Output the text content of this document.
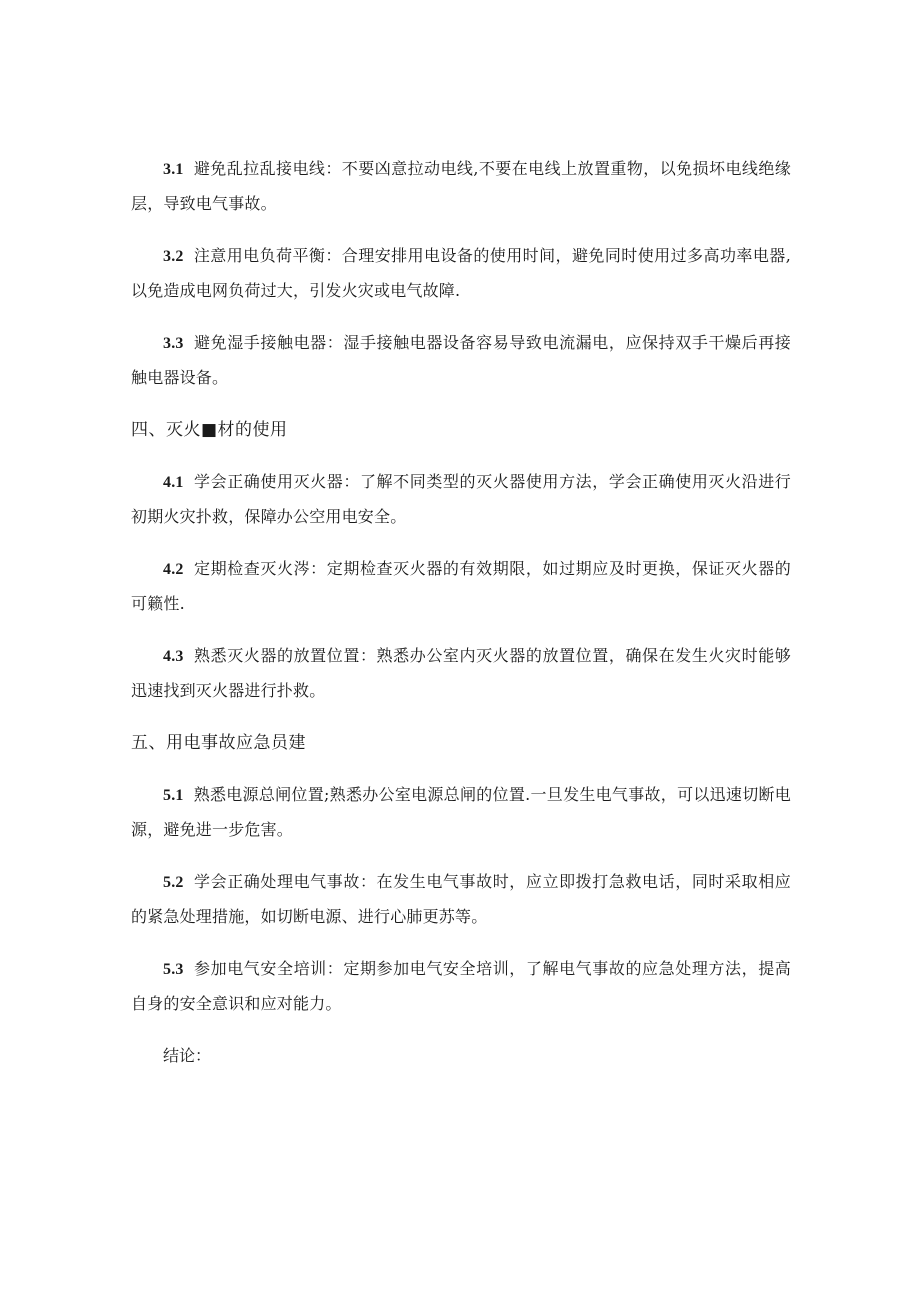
3.1 避免乱拉乱接电线：不要凶意拉动电线,不要在电线上放置重物，以免损坏电线绝缘层，导致电气事故。

3.2 注意用电负荷平衡：合理安排用电设备的使用时间，避免同时使用过多高功率电器,以免造成电网负荷过大，引发火灾或电气故障.

3.3 避免湿手接触电器：湿手接触电器设备容易导致电流漏电，应保持双手干燥后再接触电器设备。

四、灭火■材的使用

4.1 学会正确使用灭火器：了解不同类型的灭火器使用方法，学会正确使用灭火沿进行初期火灾扑救，保障办公空用电安全。

4.2 定期检查灭火涔：定期检查灭火器的有效期限，如过期应及时更换，保证灭火器的可籁性.

4.3 熟悉灭火器的放置位置：熟悉办公室内灭火器的放置位置，确保在发生火灾时能够迅速找到灭火器进行扑救。

五、用电事故应急员建

5.1 熟悉电源总闸位置;熟悉办公室电源总闸的位置.一旦发生电气事故，可以迅速切断电源，避免进一步危害。

5.2 学会正确处理电气事故：在发生电气事故时，应立即拨打急救电话，同时采取相应的紧急处理措施，如切断电源、进行心肺更苏等。

5.3 参加电气安全培训：定期参加电气安全培训，了解电气事故的应急处理方法，提高自身的安全意识和应对能力。

结论：
